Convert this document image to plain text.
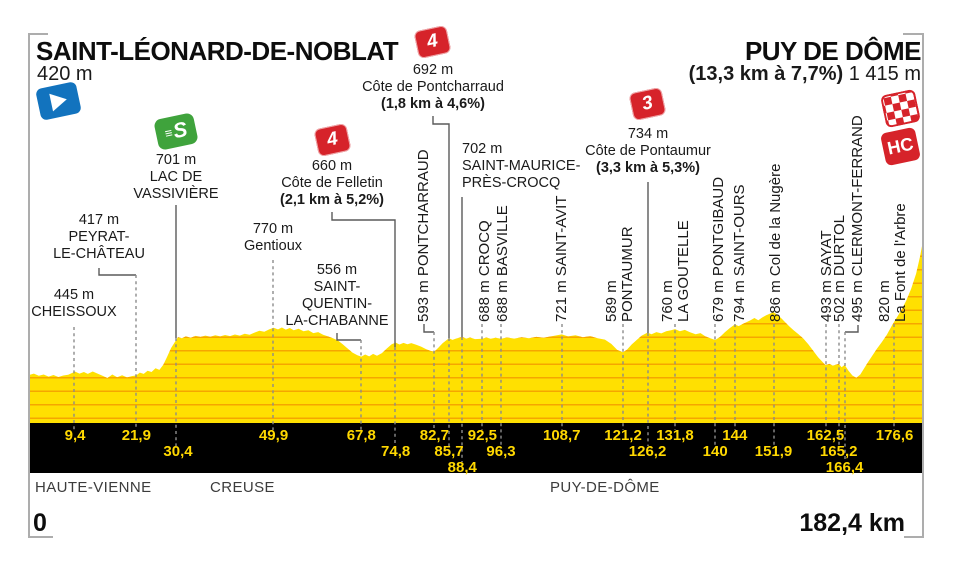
SAINT-LÉONARD-DE-NOBLAT
420 m
PUY DE DÔME
(13,3 km à 7,7%) 1 415 m
HC
HAUTE-VIENNE	CREUSE	PUY-DE-DÔME
0	182,4 km
445 m
CHEISSOUX
9,4
417 m
PEYRAT-
LE-CHÂTEAU
21,9
701 m
LAC DE
VASSIVIÈRE
≡
S
30,4
770 m
Gentioux
49,9
556 m
SAINT-
QUENTIN-
LA-CHABANNE
67,8
660 m
Côte de Felletin
(2,1 km à 5,2%)
4
74,8
593 m PONTCHARRAUD
82,7
692 m
Côte de Pontcharraud
(1,8 km à 4,6%)
4
85,7
702 m
SAINT-MAURICE-
PRÈS-CROCQ
88,4
688 m CROCQ
92,5
688 m BASVILLE
96,3
721 m SAINT-AVIT
108,7
589 m PONTAUMUR
121,2
734 m
Côte de Pontaumur
(3,3 km à 5,3%)
3
126,2
760 m LA GOUTELLE
131,8
679 m PONTGIBAUD
140
794 m SAINT-OURS
144
886 m Col de la Nugère
151,9
493 m SAYAT
162,5
502 m DURTOL
165,2
495 m CLERMONT-FERRAND
166,4
820 m La Font de l'Arbre
176,6
